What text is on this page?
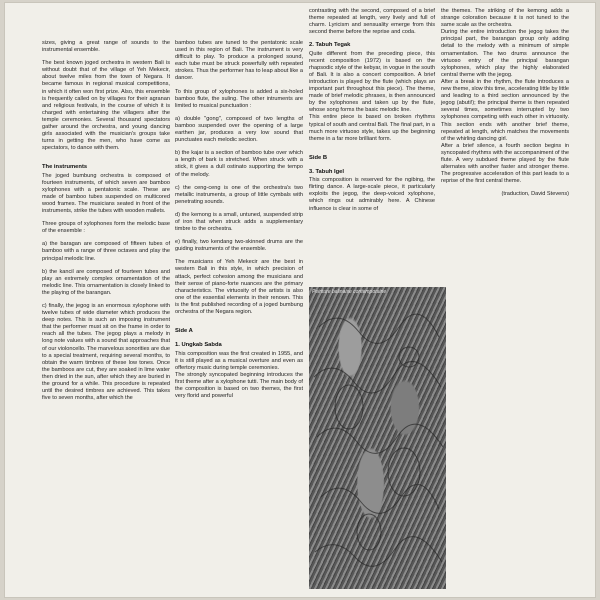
sizes, giving a great range of sounds to the instrumental ensemble.

The best known joged orchestra in western Bali is without doubt that of the village of Yeh Mekecir, about twelve miles from the town of Negara. It became famous in regional musical competitions, in which it often won first prize. Also, this ensemble is frequently called on by villages for their agranan and religious festivals, in the course of which it is charged with entertaining the villagers after the temple ceremonies. Several thousand spectators gather around the orchestra, and young dancing girls associated with the musician's groups take turns in getting the men, who have come as spectators, to dance with them.

The instruments

The joged bumbung orchestra is composed of fourteen instruments, of which seven are bamboo xylophones with a pentatonic scale. These are made of bamboo tubes suspended on multicored wood frames. The musicians seated in front of the instruments, strike the tubes with wooden mallets.

Three groups of xylophones form the melodic base of the ensemble :

a) the baragan are composed of fifteen tubes of bamboo with a range of three octaves and play the principal melodic line.

b) the kancil are composed of fourteen tubes and play an extremely complex ornamentation of the melodic line. This ornamentation is closely linked to the playing of the barangan.

c) finally, the jegog is an enormous xylophone with twelve tubes of wide diameter which produces the deep notes. This is such an imposing instrument that the performer must sit on the frame in order to reach all the tubes. The jegog plays a melody in long note values with a sound that approaches that of our violoncello. The marvelous sonorities are due to a special treatment, requiring several months, to obtain the warm timbres of these low tones. Once the bamboos are cut, they are soaked in lime water then dried in the sun, after which they are buried in the ground for a while. This procedure is repeated until the desired timbres are achieved. This takes five to seven months, after which the

bamboo tubes are tuned to the pentatonic scale used in this region of Bali. The instrument is very difficult to play. To produce a prolonged sound, each tube must be struck powerfully with repeated strokes. Thus the performer has to leap about like a dancer.

To this group of xylophones is added a six-holed bamboo flute, the suling. The other intruments are limited to musical punctuation :

a) double "gong", composed of two lengths of bamboo suspended over the opening of a large earthen jar, produces a very low sound that punctuates each melodic section.

b) the kajar is a section of bamboo tube over which a length of bark is stretched. When struck with a stick, it gives a dull ostinato supporting the tempo of the melody.

c) the ceng-ceng is one of the orchestra's two metallic instruments, a group of little cymbals with penetrating sounds.

d) the kemong is a small, untuned, suspended strip of iron that when struck adds a supplementary timbre to the orchestra.

e) finally, two kendang two-skinned drums are the guiding instruments of the ensemble.

The musicians of Yeh Mekecir are the best in western Bali in this style, in which precision of attack, perfect cohesion among the musicians and their sense of piano-forte nuances are the primary characteristics. The virtuosity of the artists is also one of the essential elements in their renown. This is the first published recording of a joged bumbung orchestra of the Negara region.

Side A
1. Ungkab Sabda

This composition was the first created in 1955, and it is still played as a musical overture and even as offertory music during temple ceremonies.

The strongly syncopated beginning introduces the first theme after a xylophone tutti. The main body of the composition is based on two themes, the first very florid and powerful

contrasting with the second, composed of a brief theme repeated at length, very lively and full of charm. Lyricism and sensuality emerge from this second theme before the reprise and coda.

2. Tabuh Tegak

Quite different from the preceding piece, this recent composition (1972) is based on the rhapsodic style of the kebyar, in vogue in the south of Bali. It is also a concert composition. A brief introduction is played by the flute (which plays an important part throughout this piece). The theme, made of brief melodic phrases, is then announced by the xylophones and taken up by the flute, whose song forms the basic melodic line.

This entire piece is based on broken rhythms typical of south and central Bali. The final part, in a much more virtuoso style, takes up the beginning theme in a far more brilliant form.

Side B
3. Tabuh Igel

This composition is reserved for the ngibing, the flirting dance. A large-scale piece, it particularly exploits the jegog, the deep-voiced xylophone, which rings out admirably here. A Chinese influence is clear in some of

Peinture balinaise contemporaine

the themes. The striking of the kemong adds a strange coloration because it is not tuned to the same scale as the orchestra.

During the entire introduction the jegog takes the principal part, the barangan group only adding detail to the melody with a minimum of simple ornamentation. The two drums announce the virtuoso entry of the principal barangan xylophones, which play the highly elaborated central theme with the jegog.

After a break in the rhythm, the flute introduces a new theme, slow this time, accelerating little by little and leading to a third section announced by the jegog (abuti!); the principal theme is then repeated several times, sometimes interrupted by two xylophones competing with each other in virtuosity. This section ends with another brief theme, repeated at length, which matches the movements of the whirling dancing girl.

After a brief silence, a fourth section begins in syncopated rhythms with the accompaniment of the flute. A very subdued theme played by the flute alternates with another faster and stronger theme. The progressive acceleration of this part leads to a reprise of the first central theme.

(traduction, David Stevens)
